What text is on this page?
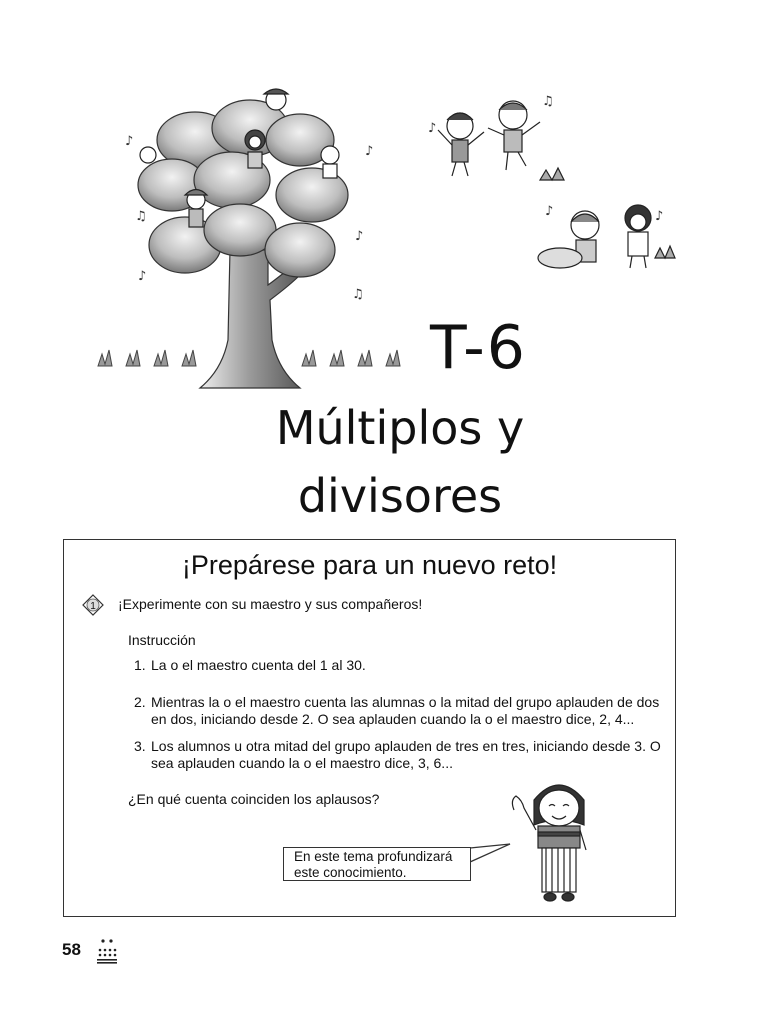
♪
♪
♫
♪
♪
♫
♪
♫
♪	♪
T-6
Múltiplos y
divisores
¡Prepárese para un nuevo reto!
1 ¡Experimente con su maestro y sus compañeros!
Instrucción
1. La o el maestro cuenta del 1 al 30.
2. Mientras la o el maestro cuenta las alumnas o la mitad del grupo aplauden de dos en dos, iniciando desde 2. O sea aplauden cuando la o el maestro dice, 2, 4...
3. Los alumnos u otra mitad del grupo aplauden de tres en tres, iniciando desde 3. O sea aplauden cuando la o el maestro dice, 3, 6...
¿En qué cuenta coinciden los aplausos?
En este tema profundizará este conocimiento.
58
